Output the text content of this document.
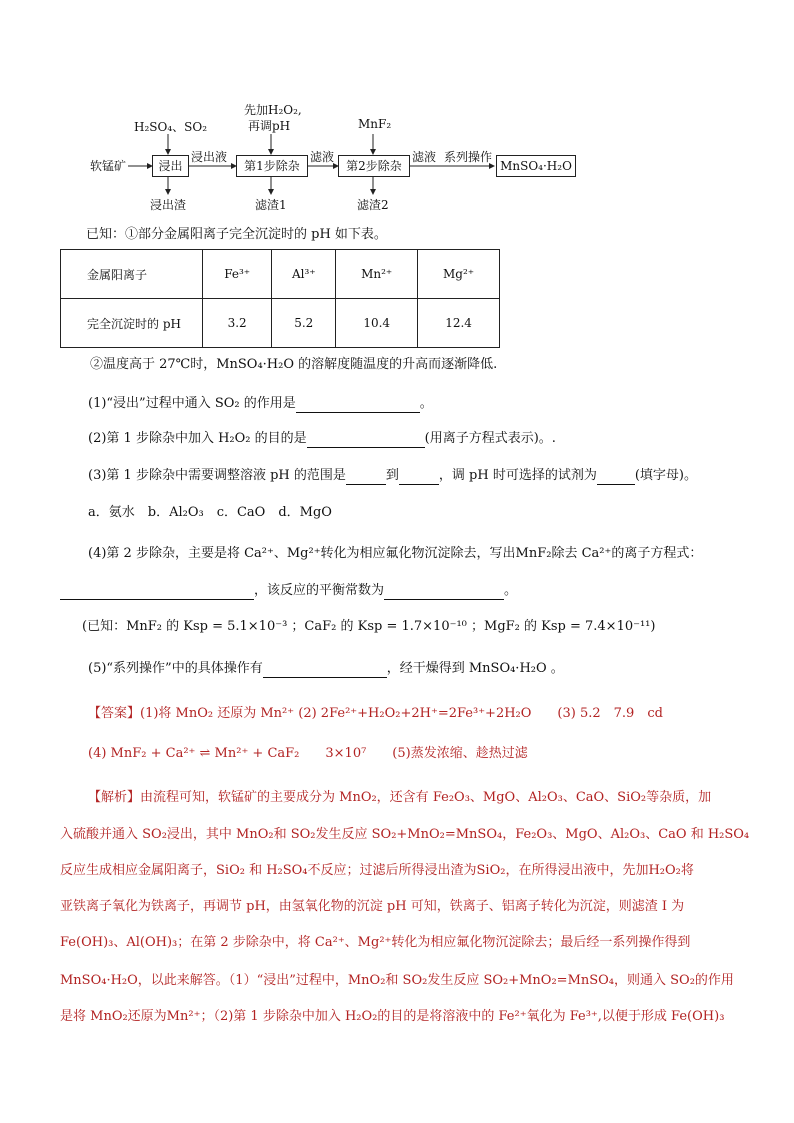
软锰矿
H₂SO₄、SO₂
浸出
浸出液
浸出渣
先加H₂O₂,
再调pH
第1步除杂
滤液
滤渣1
MnF₂
第2步除杂
滤液 系列操作
滤渣2
MnSO₄·H₂O
已知：①部分金属阳离子完全沉淀时的 pH 如下表。
金属阳离子	Fe³⁺	Al³⁺	Mn²⁺	Mg²⁺
完全沉淀时的 pH	3.2	5.2	10.4	12.4
②温度高于 27℃时，MnSO₄·H₂O 的溶解度随温度的升高而逐渐降低.
(1)“浸出”过程中通入 SO₂ 的作用是	。
(2)第 1 步除杂中加入 H₂O₂ 的目的是	(用离子方程式表示)。.
(3)第 1 步除杂中需要调整溶液 pH 的范围是	到	，调 pH 时可选择的试剂为	(填字母)。
a．氨水　b．Al₂O₃　c．CaO　d．MgO
(4)第 2 步除杂，主要是将 Ca²⁺、Mg²⁺转化为相应氟化物沉淀除去，写出MnF₂除去 Ca²⁺的离子方程式：
，该反应的平衡常数为	。
(已知：MnF₂ 的 Ksp = 5.1×10⁻³ ；CaF₂ 的 Ksp = 1.7×10⁻¹⁰ ；MgF₂ 的 Ksp = 7.4×10⁻¹¹)
(5)“系列操作”中的具体操作有	，经干燥得到 MnSO₄·H₂O 。
【答案】(1)将 MnO₂ 还原为 Mn²⁺ (2) 2Fe²⁺+H₂O₂+2H⁺=2Fe³⁺+2H₂O　　(3) 5.2　7.9　cd
(4) MnF₂ + Ca²⁺ ⇌ Mn²⁺ + CaF₂　　3×10⁷　　(5)蒸发浓缩、趁热过滤
【解析】由流程可知，软锰矿的主要成分为 MnO₂，还含有 Fe₂O₃、MgO、Al₂O₃、CaO、SiO₂等杂质，加
入硫酸并通入 SO₂浸出，其中 MnO₂和 SO₂发生反应 SO₂+MnO₂=MnSO₄，Fe₂O₃、MgO、Al₂O₃、CaO 和 H₂SO₄
反应生成相应金属阳离子，SiO₂ 和 H₂SO₄不反应；过滤后所得浸出渣为SiO₂，在所得浸出液中，先加H₂O₂将
亚铁离子氧化为铁离子，再调节 pH，由氢氧化物的沉淀 pH 可知，铁离子、铝离子转化为沉淀，则滤渣 I 为
Fe(OH)₃、Al(OH)₃；在第 2 步除杂中，将 Ca²⁺、Mg²⁺转化为相应氟化物沉淀除去；最后经一系列操作得到
MnSO₄·H₂O，以此来解答。（1）“浸出”过程中，MnO₂和 SO₂发生反应 SO₂+MnO₂=MnSO₄，则通入 SO₂的作用
是将 MnO₂还原为Mn²⁺；（2)第 1 步除杂中加入 H₂O₂的目的是将溶液中的 Fe²⁺氧化为 Fe³⁺,以便于形成 Fe(OH)₃
